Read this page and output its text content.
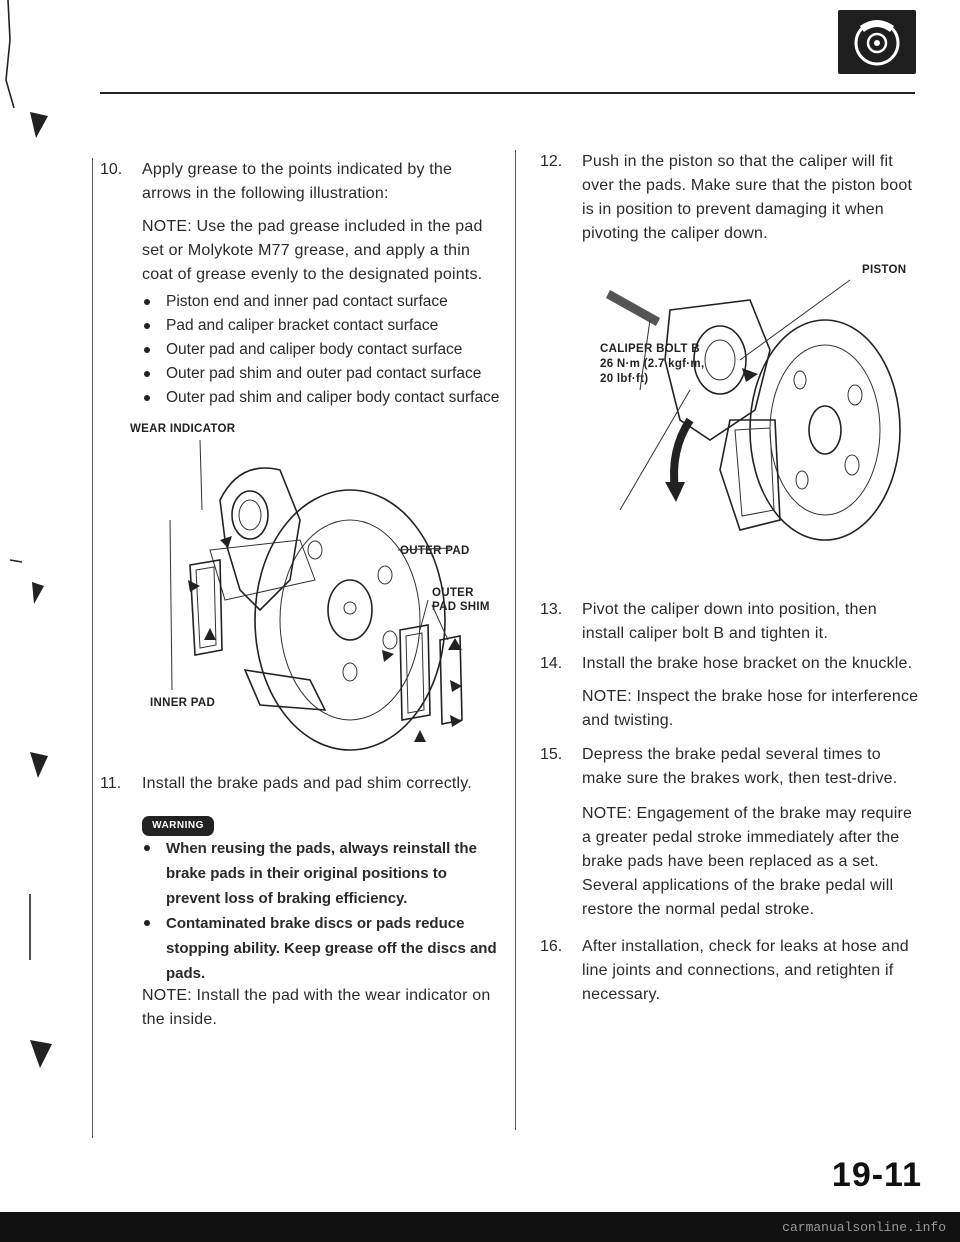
10. Apply grease to the points indicated by the arrows in the following illustration:
NOTE: Use the pad grease included in the pad set or Molykote M77 grease, and apply a thin coat of grease evenly to the designated points.
Piston end and inner pad contact surface
Pad and caliper bracket contact surface
Outer pad and caliper body contact surface
Outer pad shim and outer pad contact surface
Outer pad shim and caliper body contact surface
WEAR INDICATOR
OUTER PAD
OUTER
PAD SHIM
INNER PAD
11. Install the brake pads and pad shim correctly.
WARNING
When reusing the pads, always reinstall the brake pads in their original positions to prevent loss of braking efficiency.
Contaminated brake discs or pads reduce stopping ability. Keep grease off the discs and pads.
NOTE: Install the pad with the wear indicator on the inside.
12. Push in the piston so that the caliper will fit over the pads. Make sure that the piston boot is in position to prevent damaging it when pivoting the caliper down.
PISTON
CALIPER BOLT B
26 N·m (2.7 kgf·m,
20 lbf·ft)
13. Pivot the caliper down into position, then install caliper bolt B and tighten it.
14. Install the brake hose bracket on the knuckle.
NOTE: Inspect the brake hose for interference and twisting.
15. Depress the brake pedal several times to make sure the brakes work, then test-drive.
NOTE: Engagement of the brake may require a greater pedal stroke immediately after the brake pads have been replaced as a set. Several applications of the brake pedal will restore the normal pedal stroke.
16. After installation, check for leaks at hose and line joints and connections, and retighten if necessary.
19-11
carmanualsonline.info
